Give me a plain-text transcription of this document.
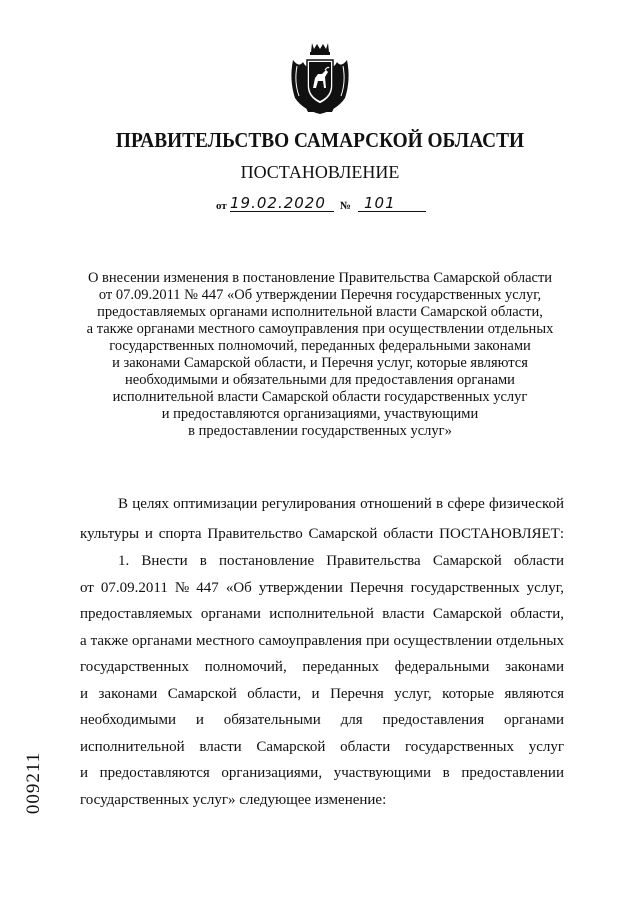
ПРАВИТЕЛЬСТВО САМАРСКОЙ ОБЛАСТИ
ПОСТАНОВЛЕНИЕ
от 19.02.2020 № 101
О внесении изменения в постановление Правительства Самарской области
от 07.09.2011 № 447 «Об утверждении Перечня государственных услуг,
предоставляемых органами исполнительной власти Самарской области,
а также органами местного самоуправления при осуществлении отдельных
государственных полномочий, переданных федеральными законами
и законами Самарской области, и Перечня услуг, которые являются
необходимыми и обязательными для предоставления органами
исполнительной власти Самарской области государственных услуг
и предоставляются организациями, участвующими
в предоставлении государственных услуг»
В целях оптимизации регулирования отношений в сфере физической
культуры и спорта Правительство Самарской области ПОСТАНОВЛЯЕТ:
1. Внести в постановление Правительства Самарской области
от 07.09.2011 № 447 «Об утверждении Перечня государственных услуг,
предоставляемых органами исполнительной власти Самарской области,
а также органами местного самоуправления при осуществлении отдельных
государственных полномочий, переданных федеральными законами
и законами Самарской области, и Перечня услуг, которые являются
необходимыми и обязательными для предоставления органами
исполнительной власти Самарской области государственных услуг
и предоставляются организациями, участвующими в предоставлении
государственных услуг» следующее изменение:
009211
